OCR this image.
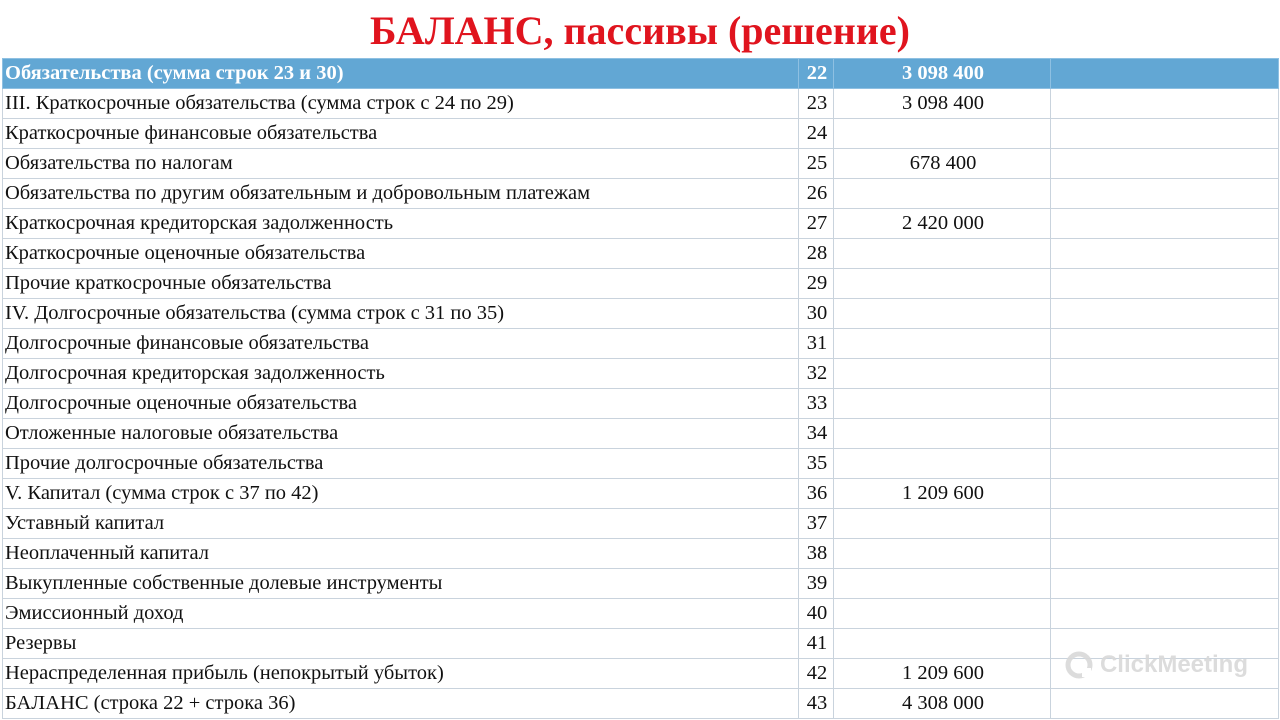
БАЛАНС, пассивы (решение)
Обязательства (сумма строк 23 и 30)	22	3 098 400	
III. Краткосрочные обязательства (сумма строк с 24 по 29)	23	3 098 400	
Краткосрочные финансовые обязательства	24		
Обязательства по налогам	25	678 400	
Обязательства по другим обязательным и добровольным платежам	26		
Краткосрочная кредиторская задолженность	27	2 420 000	
Краткосрочные оценочные обязательства	28		
Прочие краткосрочные обязательства	29		
IV. Долгосрочные обязательства (сумма строк с 31 по 35)	30		
Долгосрочные финансовые обязательства	31		
Долгосрочная кредиторская задолженность	32		
Долгосрочные оценочные обязательства	33		
Отложенные налоговые обязательства	34		
Прочие долгосрочные обязательства	35		
V. Капитал (сумма строк с 37 по 42)	36	1 209 600	
Уставный капитал	37		
Неоплаченный капитал	38		
Выкупленные собственные долевые инструменты	39		
Эмиссионный доход	40		
Резервы	41		
Нераспределенная прибыль (непокрытый убыток)	42	1 209 600	
БАЛАНС (строка 22 + строка 36)	43	4 308 000	
ClickMeeting
